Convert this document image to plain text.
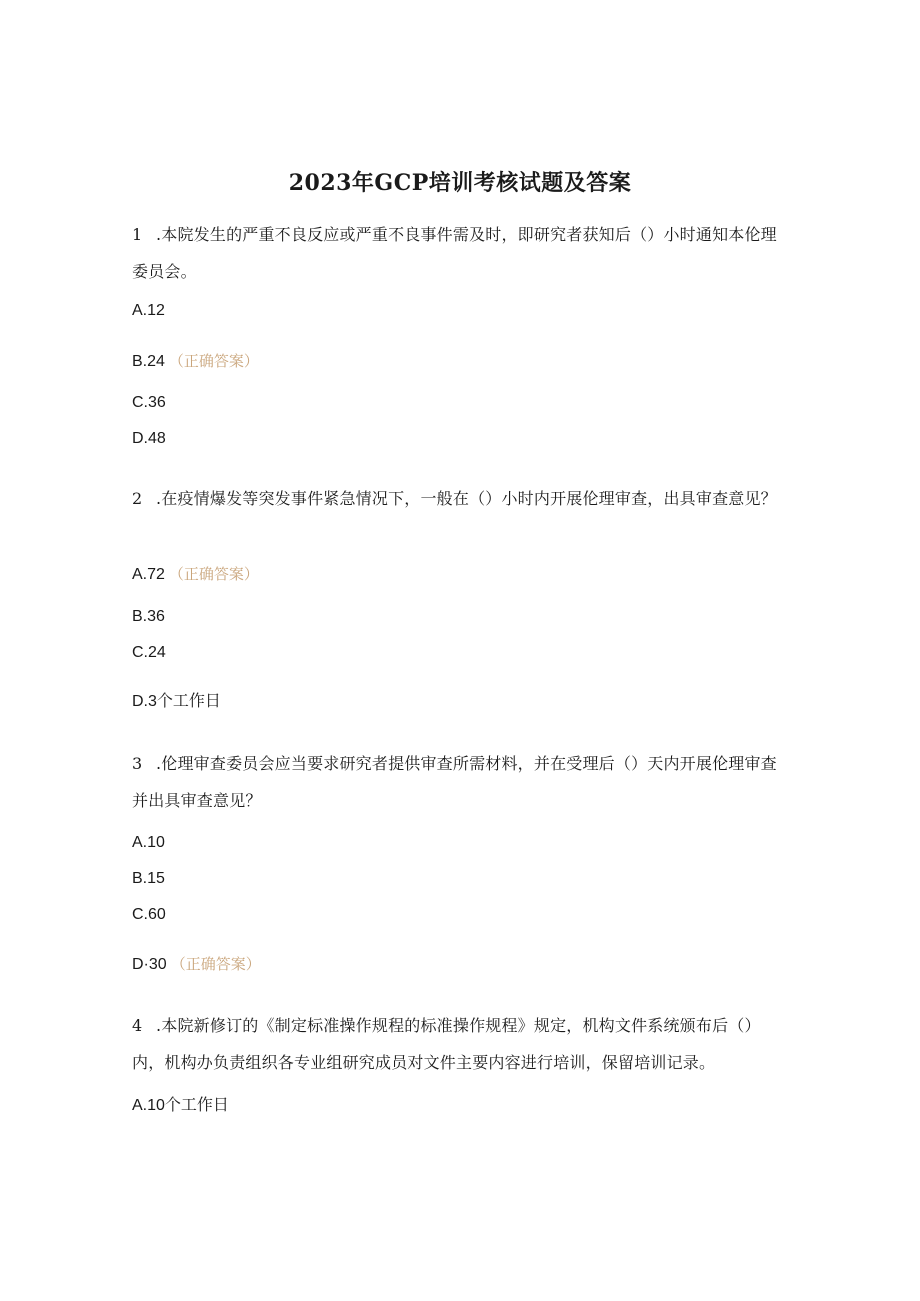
2023年GCP培训考核试题及答案
1 .本院发生的严重不良反应或严重不良事件需及时，即研究者获知后（）小时通知本伦理委员会。
A.12
B.24 （正确答案）
C.36
D.48
2 .在疫情爆发等突发事件紧急情况下，一般在（）小时内开展伦理审查，出具审查意见？
A.72 （正确答案）
B.36
C.24
D.3个工作日
3 .伦理审查委员会应当要求研究者提供审查所需材料，并在受理后（）天内开展伦理审查并出具审查意见？
A.10
B.15
C.60
D·30 （正确答案）
4 .本院新修订的《制定标准操作规程的标准操作规程》规定，机构文件系统颁布后（）内，机构办负责组织各专业组研究成员对文件主要内容进行培训，保留培训记录。
A.10个工作日
